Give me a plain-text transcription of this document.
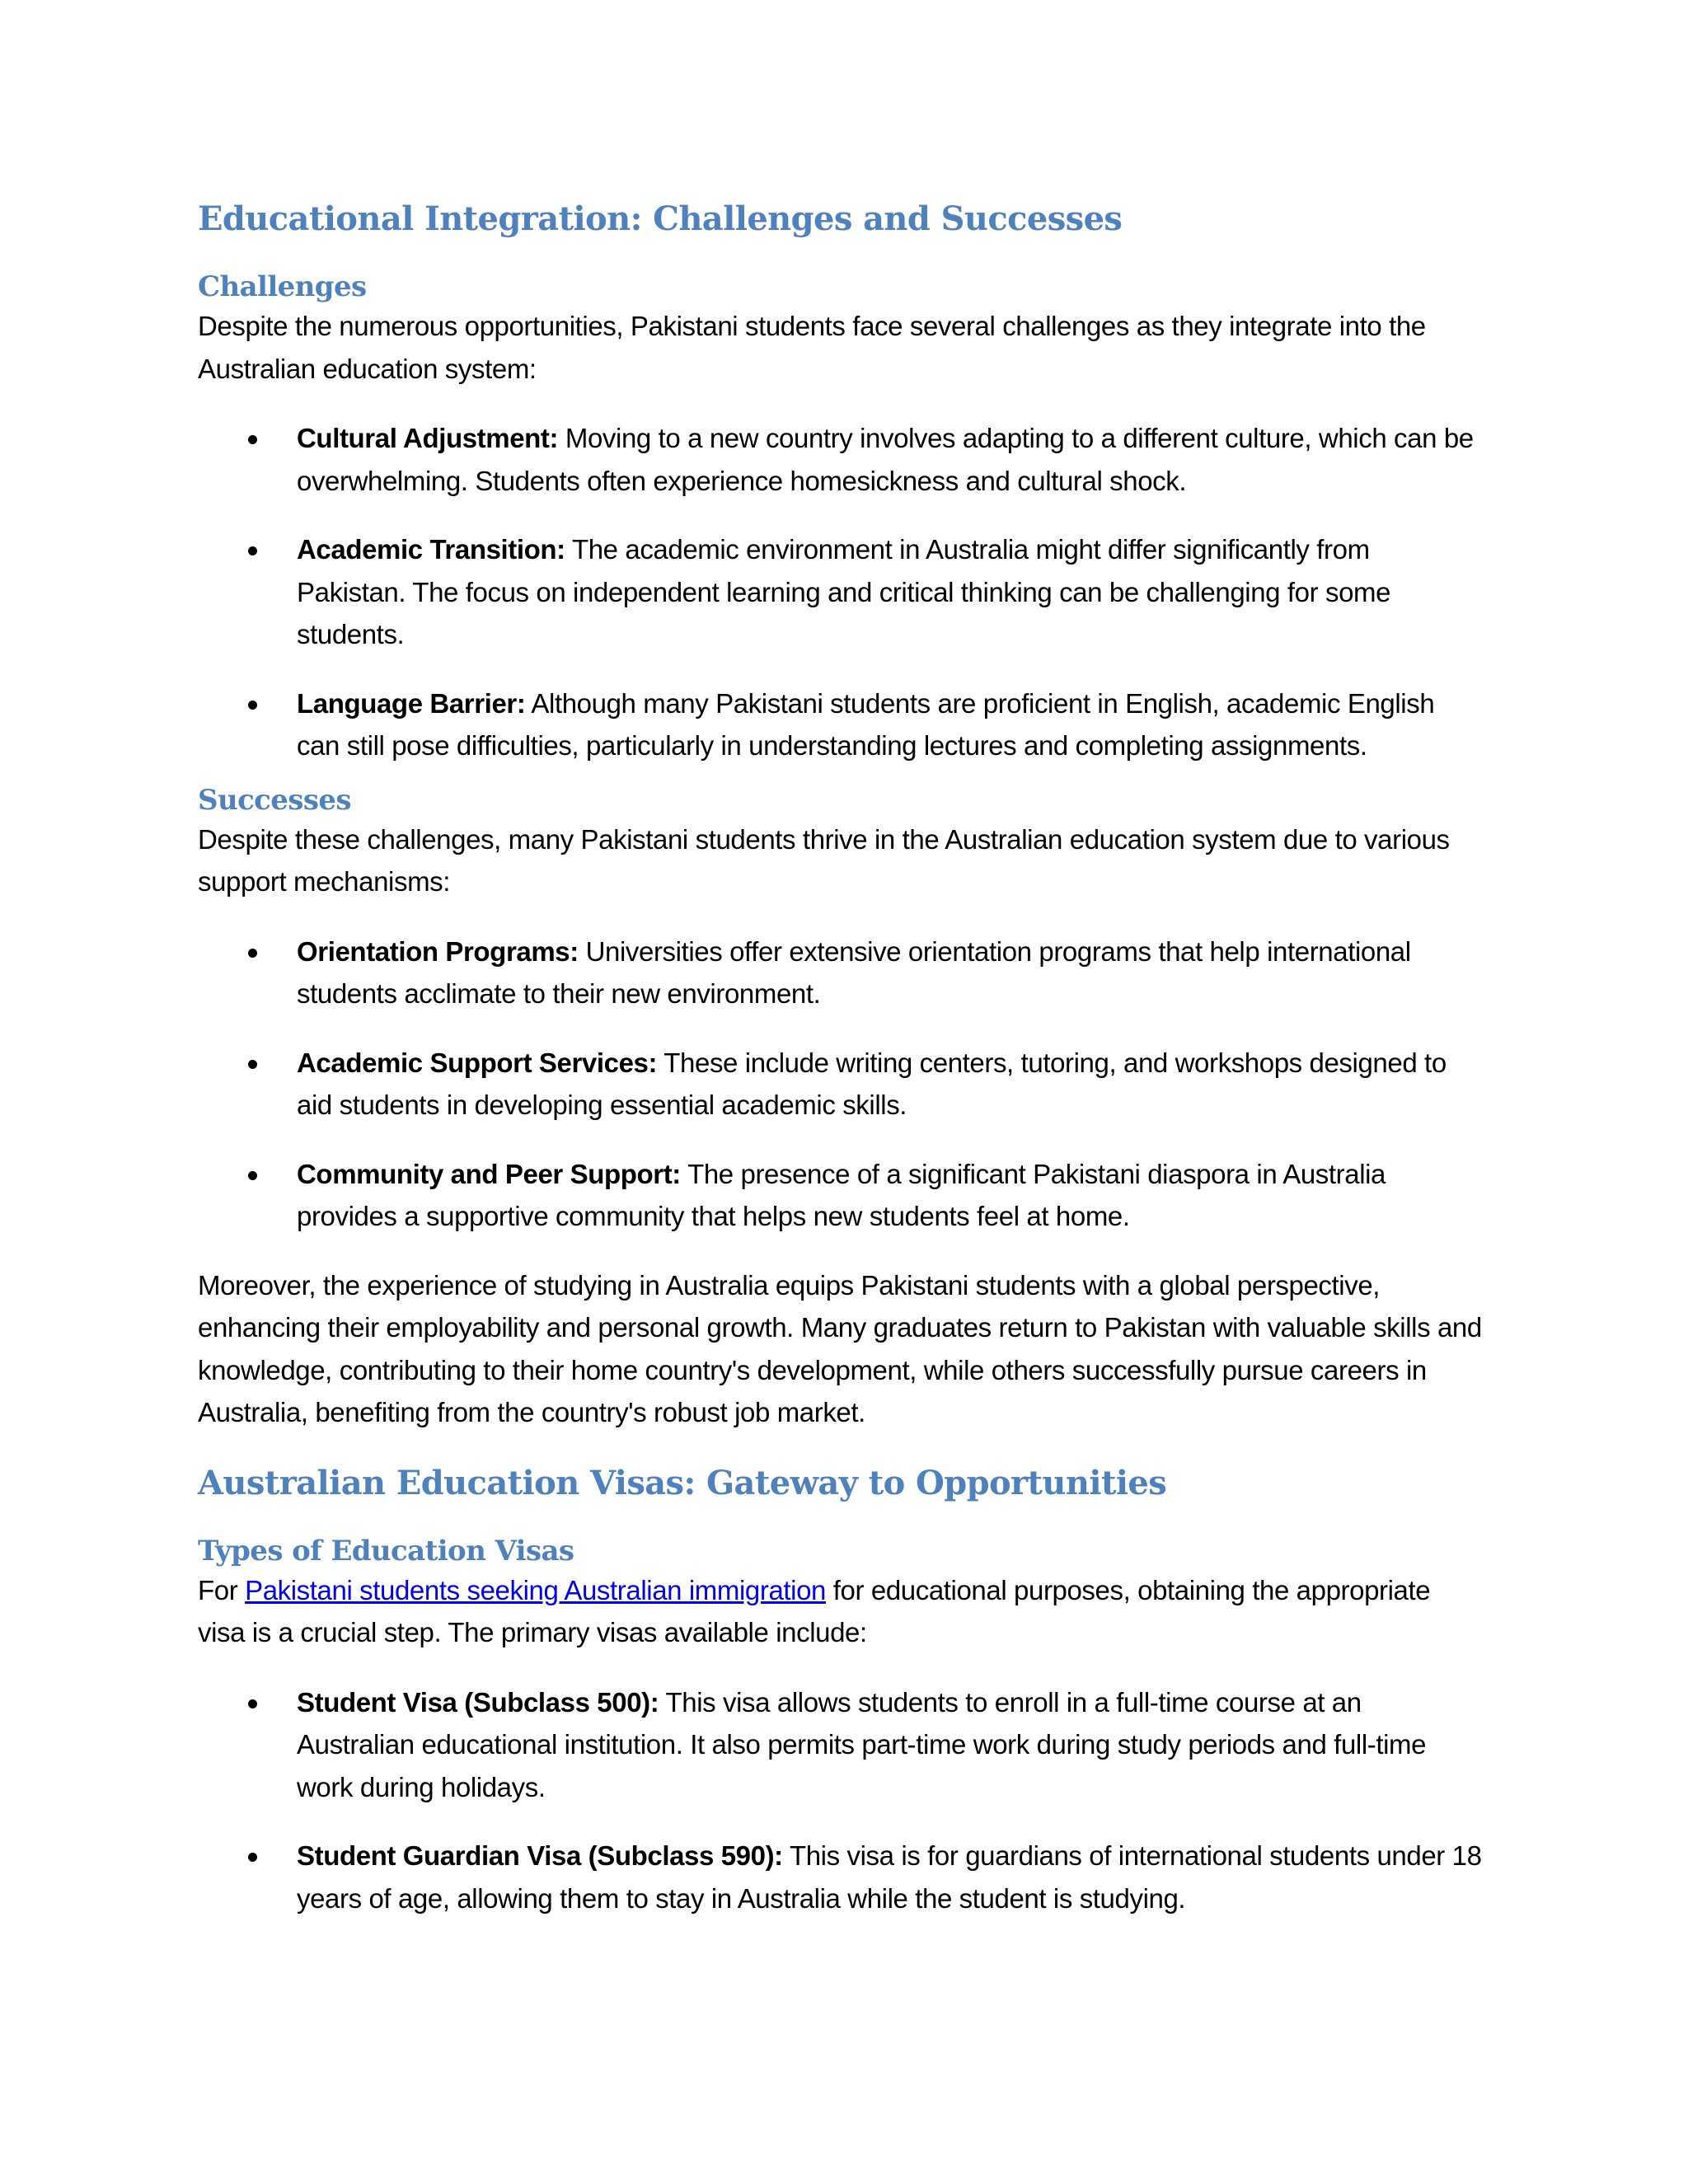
Educational Integration: Challenges and Successes
Challenges

Despite the numerous opportunities, Pakistani students face several challenges as they integrate into the Australian education system:

Cultural Adjustment: Moving to a new country involves adapting to a different culture, which can be overwhelming. Students often experience homesickness and cultural shock.
Academic Transition: The academic environment in Australia might differ significantly from Pakistan. The focus on independent learning and critical thinking can be challenging for some students.
Language Barrier: Although many Pakistani students are proficient in English, academic English can still pose difficulties, particularly in understanding lectures and completing assignments.
Successes

Despite these challenges, many Pakistani students thrive in the Australian education system due to various support mechanisms:

Orientation Programs: Universities offer extensive orientation programs that help international students acclimate to their new environment.
Academic Support Services: These include writing centers, tutoring, and workshops designed to aid students in developing essential academic skills.
Community and Peer Support: The presence of a significant Pakistani diaspora in Australia provides a supportive community that helps new students feel at home.

Moreover, the experience of studying in Australia equips Pakistani students with a global perspective, enhancing their employability and personal growth. Many graduates return to Pakistan with valuable skills and knowledge, contributing to their home country's development, while others successfully pursue careers in Australia, benefiting from the country's robust job market.

Australian Education Visas: Gateway to Opportunities
Types of Education Visas

For Pakistani students seeking Australian immigration for educational purposes, obtaining the appropriate visa is a crucial step. The primary visas available include:

Student Visa (Subclass 500): This visa allows students to enroll in a full-time course at an Australian educational institution. It also permits part-time work during study periods and full-time work during holidays.
Student Guardian Visa (Subclass 590): This visa is for guardians of international students under 18 years of age, allowing them to stay in Australia while the student is studying.
